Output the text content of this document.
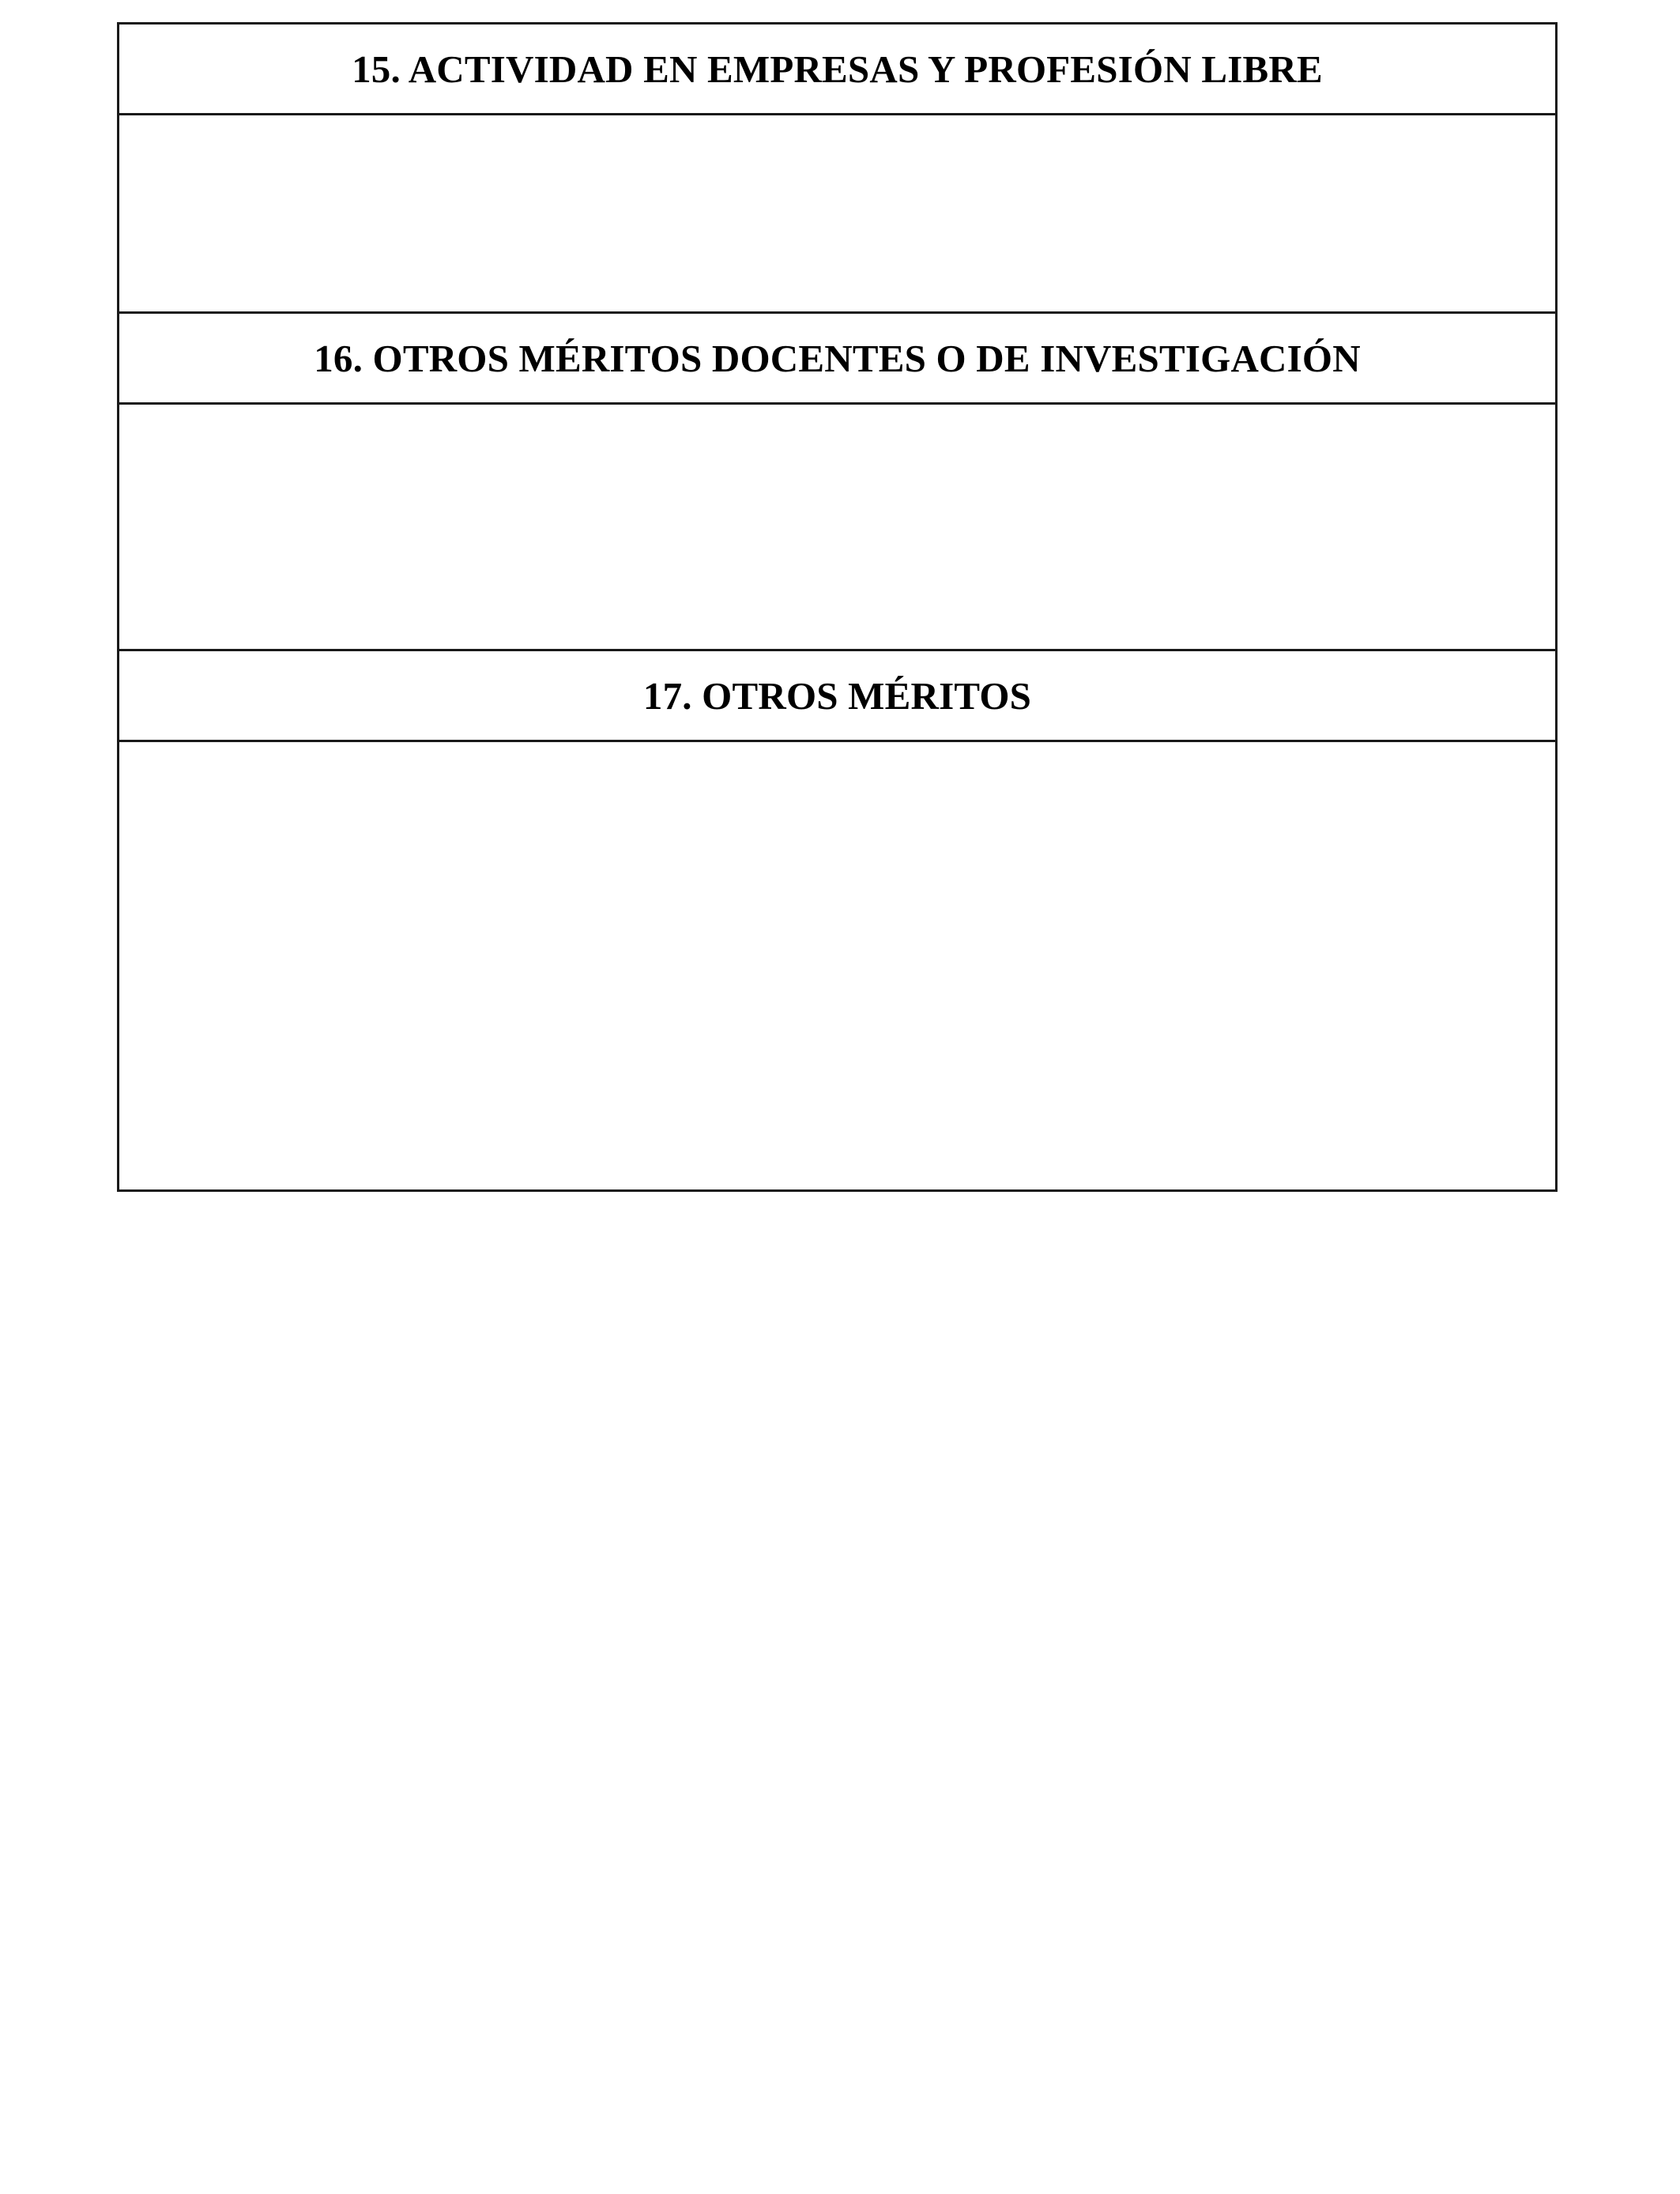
15. ACTIVIDAD EN EMPRESAS Y PROFESIÓN LIBRE
16. OTROS MÉRITOS DOCENTES O DE INVESTIGACIÓN
17. OTROS MÉRITOS
